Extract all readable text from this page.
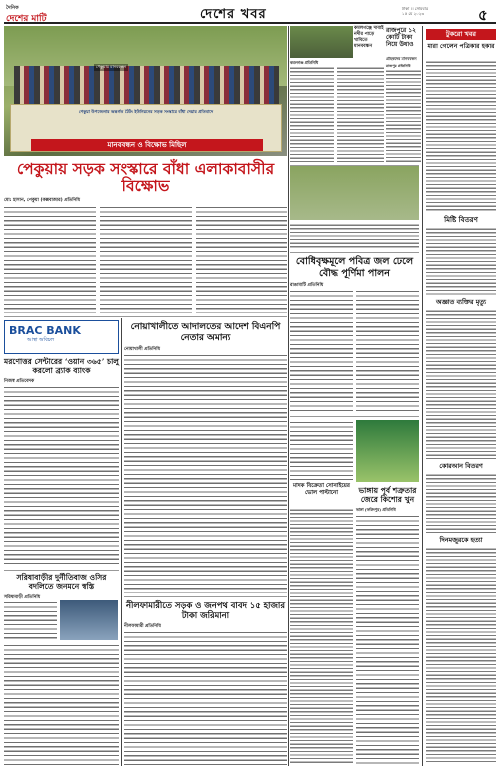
দৈনিক
দেশের মাটি	দেশের খবর	ঢাকা ।। সোমবার
১৫ মে ২০২৩	৫
পেকুয়া উপজেলার অন্তর্গত টৈটং ইউনিয়নের সড়ক সংস্কারে বাঁধা দেয়ার প্রতিবাদে
মানববন্ধন ও বিক্ষোভ মিছিল
পেকুয়ায় মানববন্ধন
পেকুয়ায় সড়ক সংস্কারে বাঁধা এলাকাবাসীর বিক্ষোভ
মো: হাসান, পেকুয়া (কক্সবাজার) প্রতিনিধি
কমলগঞ্জে দাবাই নদীর পাড়ে খাবিতে মানববন্ধন
কমলগঞ্জ প্রতিনিধি
টুকরো খবর
মারা গেলেন পত্রিকার হকার
মিষ্টি বিতরণ
অজ্ঞাত ব্যক্তির মৃত্যু
কোরআন বিতরণ
দিনমজুরকে হত্যা
রাজপুরে ১২ কোটি টাকা নিয়ে উধাও
গ্রাহকদের মানববন্ধন
রাজপুর প্রতিনিধি
বোধিবৃক্ষমূলে পবিত্র জল ঢেলে বৌদ্ধ পূর্ণিমা পালন
রাঙামাটি প্রতিনিধি
BRAC BANK
আস্থা অবিচল
মরণোত্তর সেন্টারের ‘ওয়ান ৩৬৫’ চালু করলো ব্র্যাক ব্যাংক
নিজস্ব প্রতিবেদক
নোয়াখালীতে আদালতের আদেশ বিএনপি নেতার অমান্য
নোয়াখালী প্রতিনিধি
সরিষাবাড়ীর দুর্নীতিবাজ ওসির বদলিতে জনমনে স্বস্তি
সরিষাবাড়ী প্রতিনিধি
নীলফামারীতে সড়ক ও জনপথ বাবদ ১৫ হাজার টাকা জরিমানা
নীলফামারী প্রতিনিধি
মাদক বিক্রেতা সোনাইয়ের ভোল পাল্টানো	ভাঙ্গায় পূর্ব শত্রুতার জেরে কিশোর খুন
ভাঙ্গা (ফরিদপুর) প্রতিনিধি
